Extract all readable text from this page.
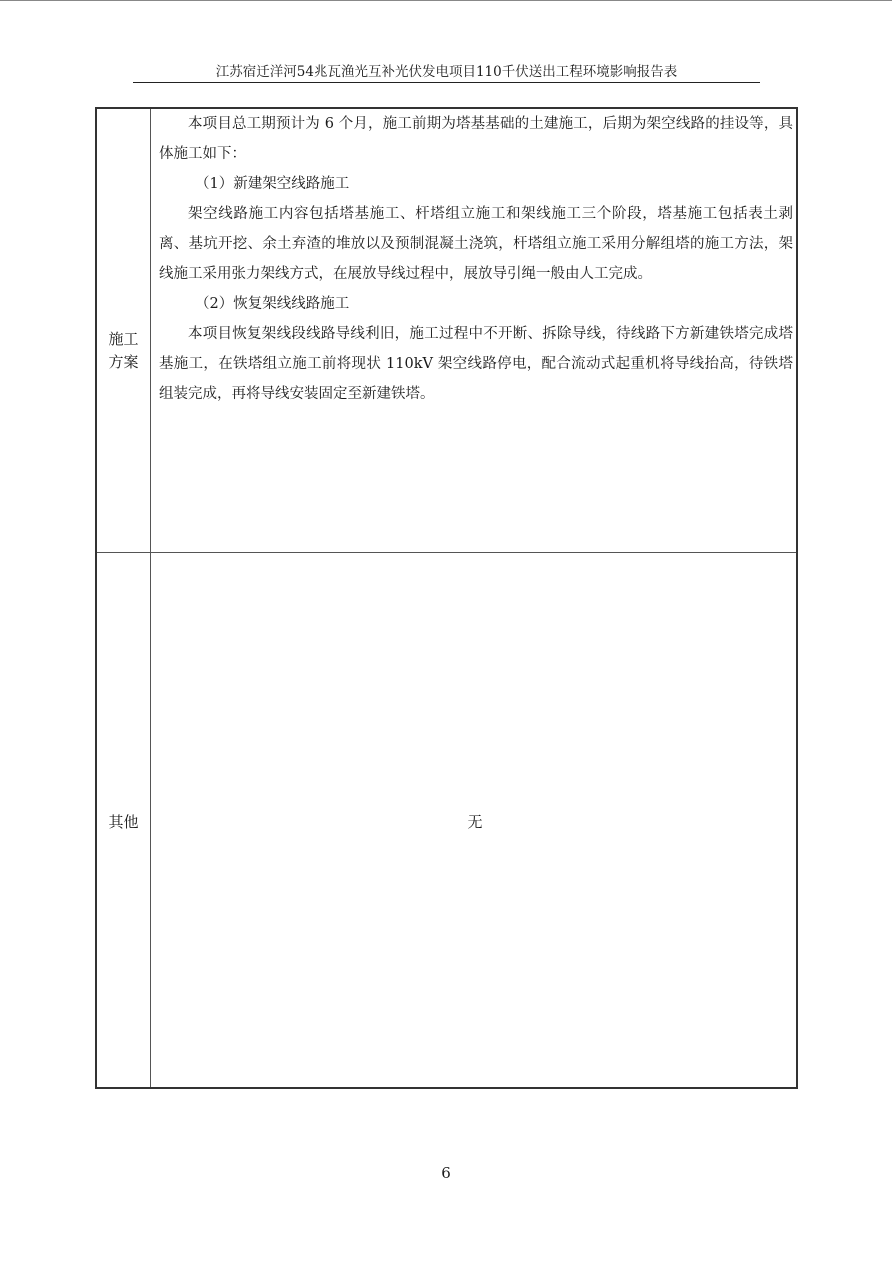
江苏宿迁洋河54兆瓦渔光互补光伏发电项目110千伏送出工程环境影响报告表
施工
方案
其他

本项目总工期预计为 6 个月，施工前期为塔基基础的土建施工，后期为架空线路的挂设等，具体施工如下：

（1）新建架空线路施工

架空线路施工内容包括塔基施工、杆塔组立施工和架线施工三个阶段，塔基施工包括表土剥离、基坑开挖、余土弃渣的堆放以及预制混凝土浇筑，杆塔组立施工采用分解组塔的施工方法，架线施工采用张力架线方式，在展放导线过程中，展放导引绳一般由人工完成。

（2）恢复架线线路施工

本项目恢复架线段线路导线利旧，施工过程中不开断、拆除导线，待线路下方新建铁塔完成塔基施工，在铁塔组立施工前将现状 110kV 架空线路停电，配合流动式起重机将导线抬高，待铁塔组装完成，再将导线安装固定至新建铁塔。

无
6
